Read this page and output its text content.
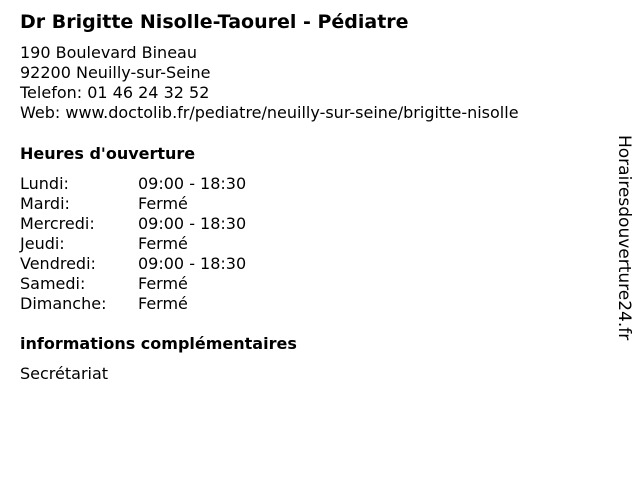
Dr Brigitte Nisolle-Taourel - Pédiatre
190 Boulevard Bineau
92200 Neuilly-sur-Seine
Telefon: 01 46 24 32 52
Web: www.doctolib.fr/pediatre/neuilly-sur-seine/brigitte-nisolle
Heures d'ouverture
Lundi:	09:00 - 18:30
Mardi:	Fermé
Mercredi:	09:00 - 18:30
Jeudi:	Fermé
Vendredi:	09:00 - 18:30
Samedi:	Fermé
Dimanche: Fermé
informations complémentaires
Secrétariat
Horairesdouverture24.fr
